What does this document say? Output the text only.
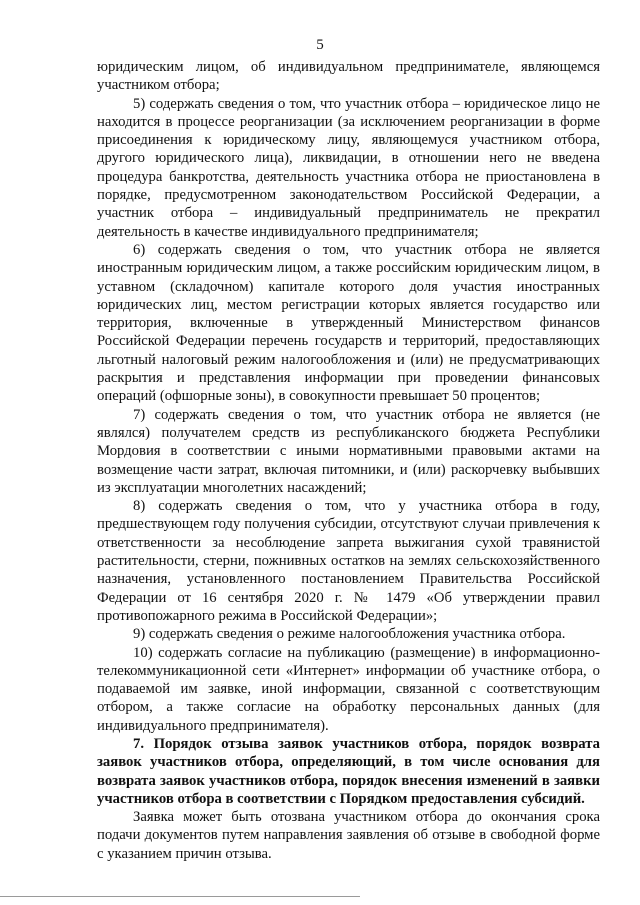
5

юридическим лицом, об индивидуальном предпринимателе, являющемся участником отбора;

5) содержать сведения о том, что участник отбора – юридическое лицо не находится в процессе реорганизации (за исключением реорганизации в форме присоединения к юридическому лицу, являющемуся участником отбора, другого юридического лица), ликвидации, в отношении него не введена процедура банкротства, деятельность участника отбора не приостановлена в порядке, предусмотренном законодательством Российской Федерации, а участник отбора – индивидуальный предприниматель не прекратил деятельность в качестве индивидуального предпринимателя;

6) содержать сведения о том, что участник отбора не является иностранным юридическим лицом, а также российским юридическим лицом, в уставном (складочном) капитале которого доля участия иностранных юридических лиц, местом регистрации которых является государство или территория, включенные в утвержденный Министерством финансов Российской Федерации перечень государств и территорий, предоставляющих льготный налоговый режим налогообложения и (или) не предусматривающих раскрытия и представления информации при проведении финансовых операций (офшорные зоны), в совокупности превышает 50 процентов;

7) содержать сведения о том, что участник отбора не является (не являлся) получателем средств из республиканского бюджета Республики Мордовия в соответствии с иными нормативными правовыми актами на возмещение части затрат, включая питомники, и (или) раскорчевку выбывших из эксплуатации многолетних насаждений;

8) содержать сведения о том, что у участника отбора в году, предшествующем году получения субсидии, отсутствуют случаи привлечения к ответственности за несоблюдение запрета выжигания сухой травянистой растительности, стерни, пожнивных остатков на землях сельскохозяйственного назначения, установленного постановлением Правительства Российской Федерации от 16 сентября 2020 г. № 1479 «Об утверждении правил противопожарного режима в Российской Федерации»;

9) содержать сведения о режиме налогообложения участника отбора.

10) содержать согласие на публикацию (размещение) в информационно-телекоммуникационной сети «Интернет» информации об участнике отбора, о подаваемой им заявке, иной информации, связанной с соответствующим отбором, а также согласие на обработку персональных данных (для индивидуального предпринимателя).

7. Порядок отзыва заявок участников отбора, порядок возврата заявок участников отбора, определяющий, в том числе основания для возврата заявок участников отбора, порядок внесения изменений в заявки участников отбора в соответствии с Порядком предоставления субсидий.

Заявка может быть отозвана участником отбора до окончания срока подачи документов путем направления заявления об отзыве в свободной форме с указанием причин отзыва.
